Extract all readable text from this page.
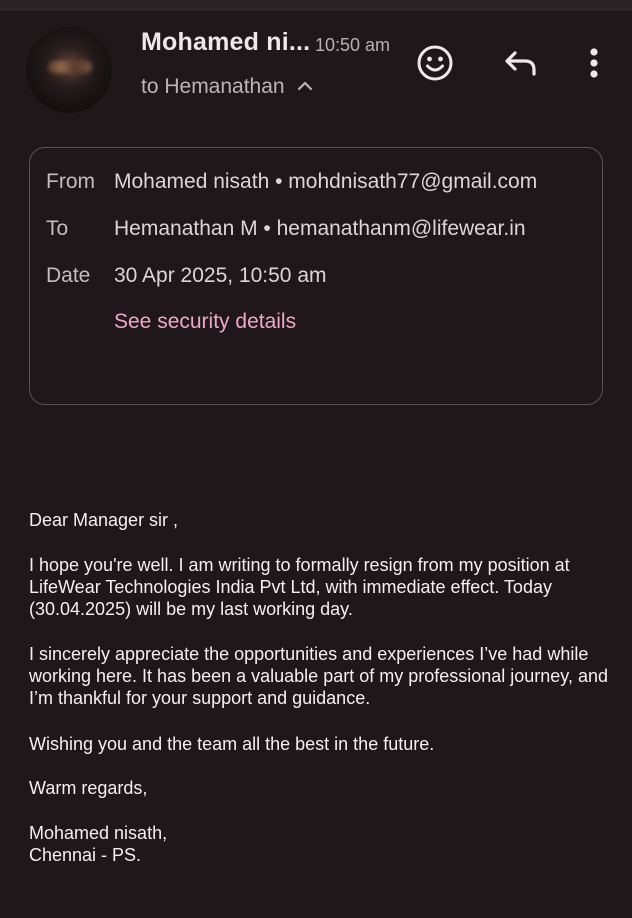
Mohamed ni... 10:50 am
to Hemanathan
From Mohamed nisath • mohdnisath77@gmail.com
To Hemanathan M • hemanathanm@lifewear.in
Date 30 Apr 2025, 10:50 am
See security details

Dear Manager sir ,

I hope you're well. I am writing to formally resign from my position at LifeWear Technologies India Pvt Ltd, with immediate effect. Today (30.04.2025) will be my last working day.

I sincerely appreciate the opportunities and experiences I’ve had while working here. It has been a valuable part of my professional journey, and I’m thankful for your support and guidance.

Wishing you and the team all the best in the future.

Warm regards,

Mohamed nisath,

Chennai - PS.
